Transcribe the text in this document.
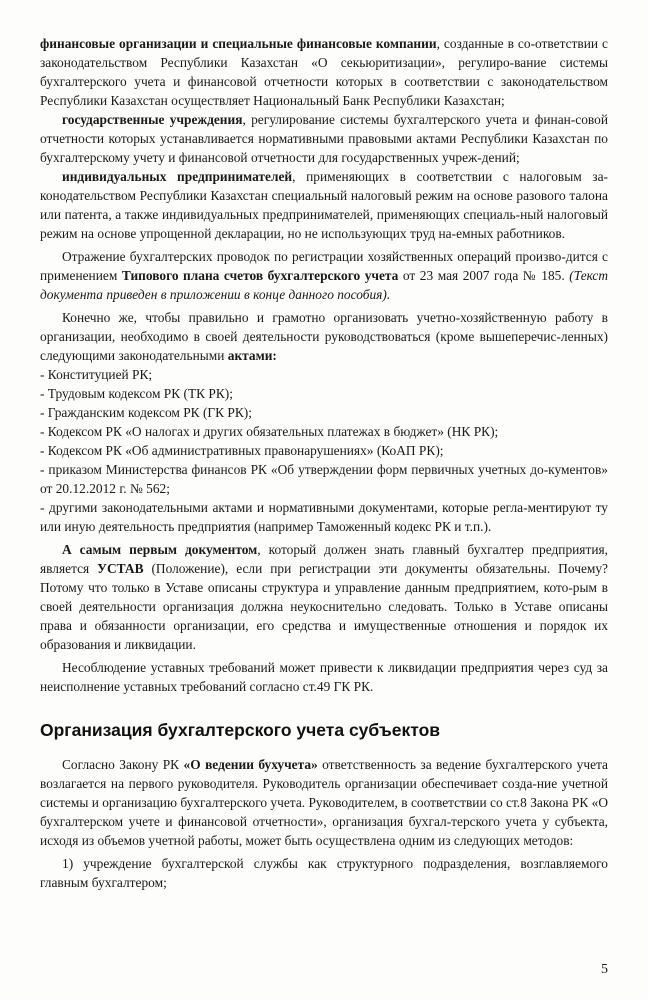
финансовые организации и специальные финансовые компании, созданные в со-ответствии с законодательством Республики Казахстан «О секьюритизации», регулиро-вание системы бухгалтерского учета и финансовой отчетности которых в соответствии с законодательством Республики Казахстан осуществляет Национальный Банк Республики Казахстан;

государственные учреждения, регулирование системы бухгалтерского учета и финан-совой отчетности которых устанавливается нормативными правовыми актами Республики Казахстан по бухгалтерскому учету и финансовой отчетности для государственных учреж-дений;

индивидуальных предпринимателей, применяющих в соответствии с налоговым за-конодательством Республики Казахстан специальный налоговый режим на основе разового талона или патента, а также индивидуальных предпринимателей, применяющих специаль-ный налоговый режим на основе упрощенной декларации, но не использующих труд на-емных работников.

Отражение бухгалтерских проводок по регистрации хозяйственных операций произво-дится с применением Типового плана счетов бухгалтерского учета от 23 мая 2007 года № 185. (Текст документа приведен в приложении в конце данного пособия).

Конечно же, чтобы правильно и грамотно организовать учетно-хозяйственную работу в организации, необходимо в своей деятельности руководствоваться (кроме вышеперечис-ленных) следующими законодательными актами:

- Конституцией РК;
- Трудовым кодексом РК (ТК РК);
- Гражданским кодексом РК (ГК РК);
- Кодексом РК «О налогах и других обязательных платежах в бюджет» (НК РК);
- Кодексом РК «Об административных правонарушениях» (КоАП РК);
- приказом Министерства финансов РК «Об утверждении форм первичных учетных до-кументов» от 20.12.2012 г. № 562;
- другими законодательными актами и нормативными документами, которые регла-ментируют ту или иную деятельность предприятия (например Таможенный кодекс РК и т.п.).

А самым первым документом, который должен знать главный бухгалтер предприятия, является УСТАВ (Положение), если при регистрации эти документы обязательны. Почему? Потому что только в Уставе описаны структура и управление данным предприятием, кото-рым в своей деятельности организация должна неукоснительно следовать. Только в Уставе описаны права и обязанности организации, его средства и имущественные отношения и порядок их образования и ликвидации.

Несоблюдение уставных требований может привести к ликвидации предприятия через суд за неисполнение уставных требований согласно ст.49 ГК РК.

Организация бухгалтерского учета субъектов

Согласно Закону РК «О ведении бухучета» ответственность за ведение бухгалтерского учета возлагается на первого руководителя. Руководитель организации обеспечивает созда-ние учетной системы и организацию бухгалтерского учета. Руководителем, в соответствии со ст.8 Закона РК «О бухгалтерском учете и финансовой отчетности», организация бухгал-терского учета у субъекта, исходя из объемов учетной работы, может быть осуществлена одним из следующих методов:

1) учреждение бухгалтерской службы как структурного подразделения, возглавляемого главным бухгалтером;

5
